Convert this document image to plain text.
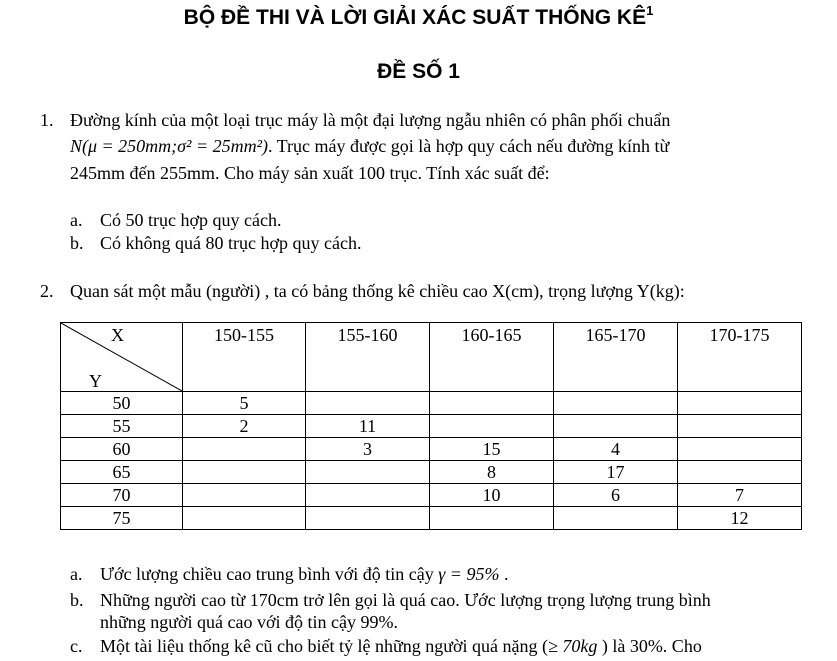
BỘ ĐỀ THI VÀ LỜI GIẢI XÁC SUẤT THỐNG $KÊ^1$
ĐỀ SỐ 1
1. Đường kính của một loại trục máy là một đại lượng ngẫu nhiên có phân phối chuẩn
N(μ = 250mm;σ² = 25mm²). Trục máy được gọi là hợp quy cách nếu đường kính từ
245mm đến 255mm. Cho máy sản xuất 100 trục. Tính xác suất để:
a. Có 50 trục hợp quy cách.
b. Có không quá 80 trục hợp quy cách.
2. Quan sát một mẫu (người) , ta có bảng thống kê chiều cao X(cm), trọng lượng Y(kg):
X
Y	150-155	155-160	160-165	165-170	170-175
50	5				
55	2	11			
60		3	15	4	
65			8	17	
70			10	6	7
75					12
a. Ước lượng chiều cao trung bình với độ tin cậy γ = 95% .
b. Những người cao từ 170cm trở lên gọi là quá cao. Ước lượng trọng lượng trung bình
những người quá cao với độ tin cậy 99%.
c. Một tài liệu thống kê cũ cho biết tỷ lệ những người quá nặng (≥ 70kg ) là 30%. Cho
